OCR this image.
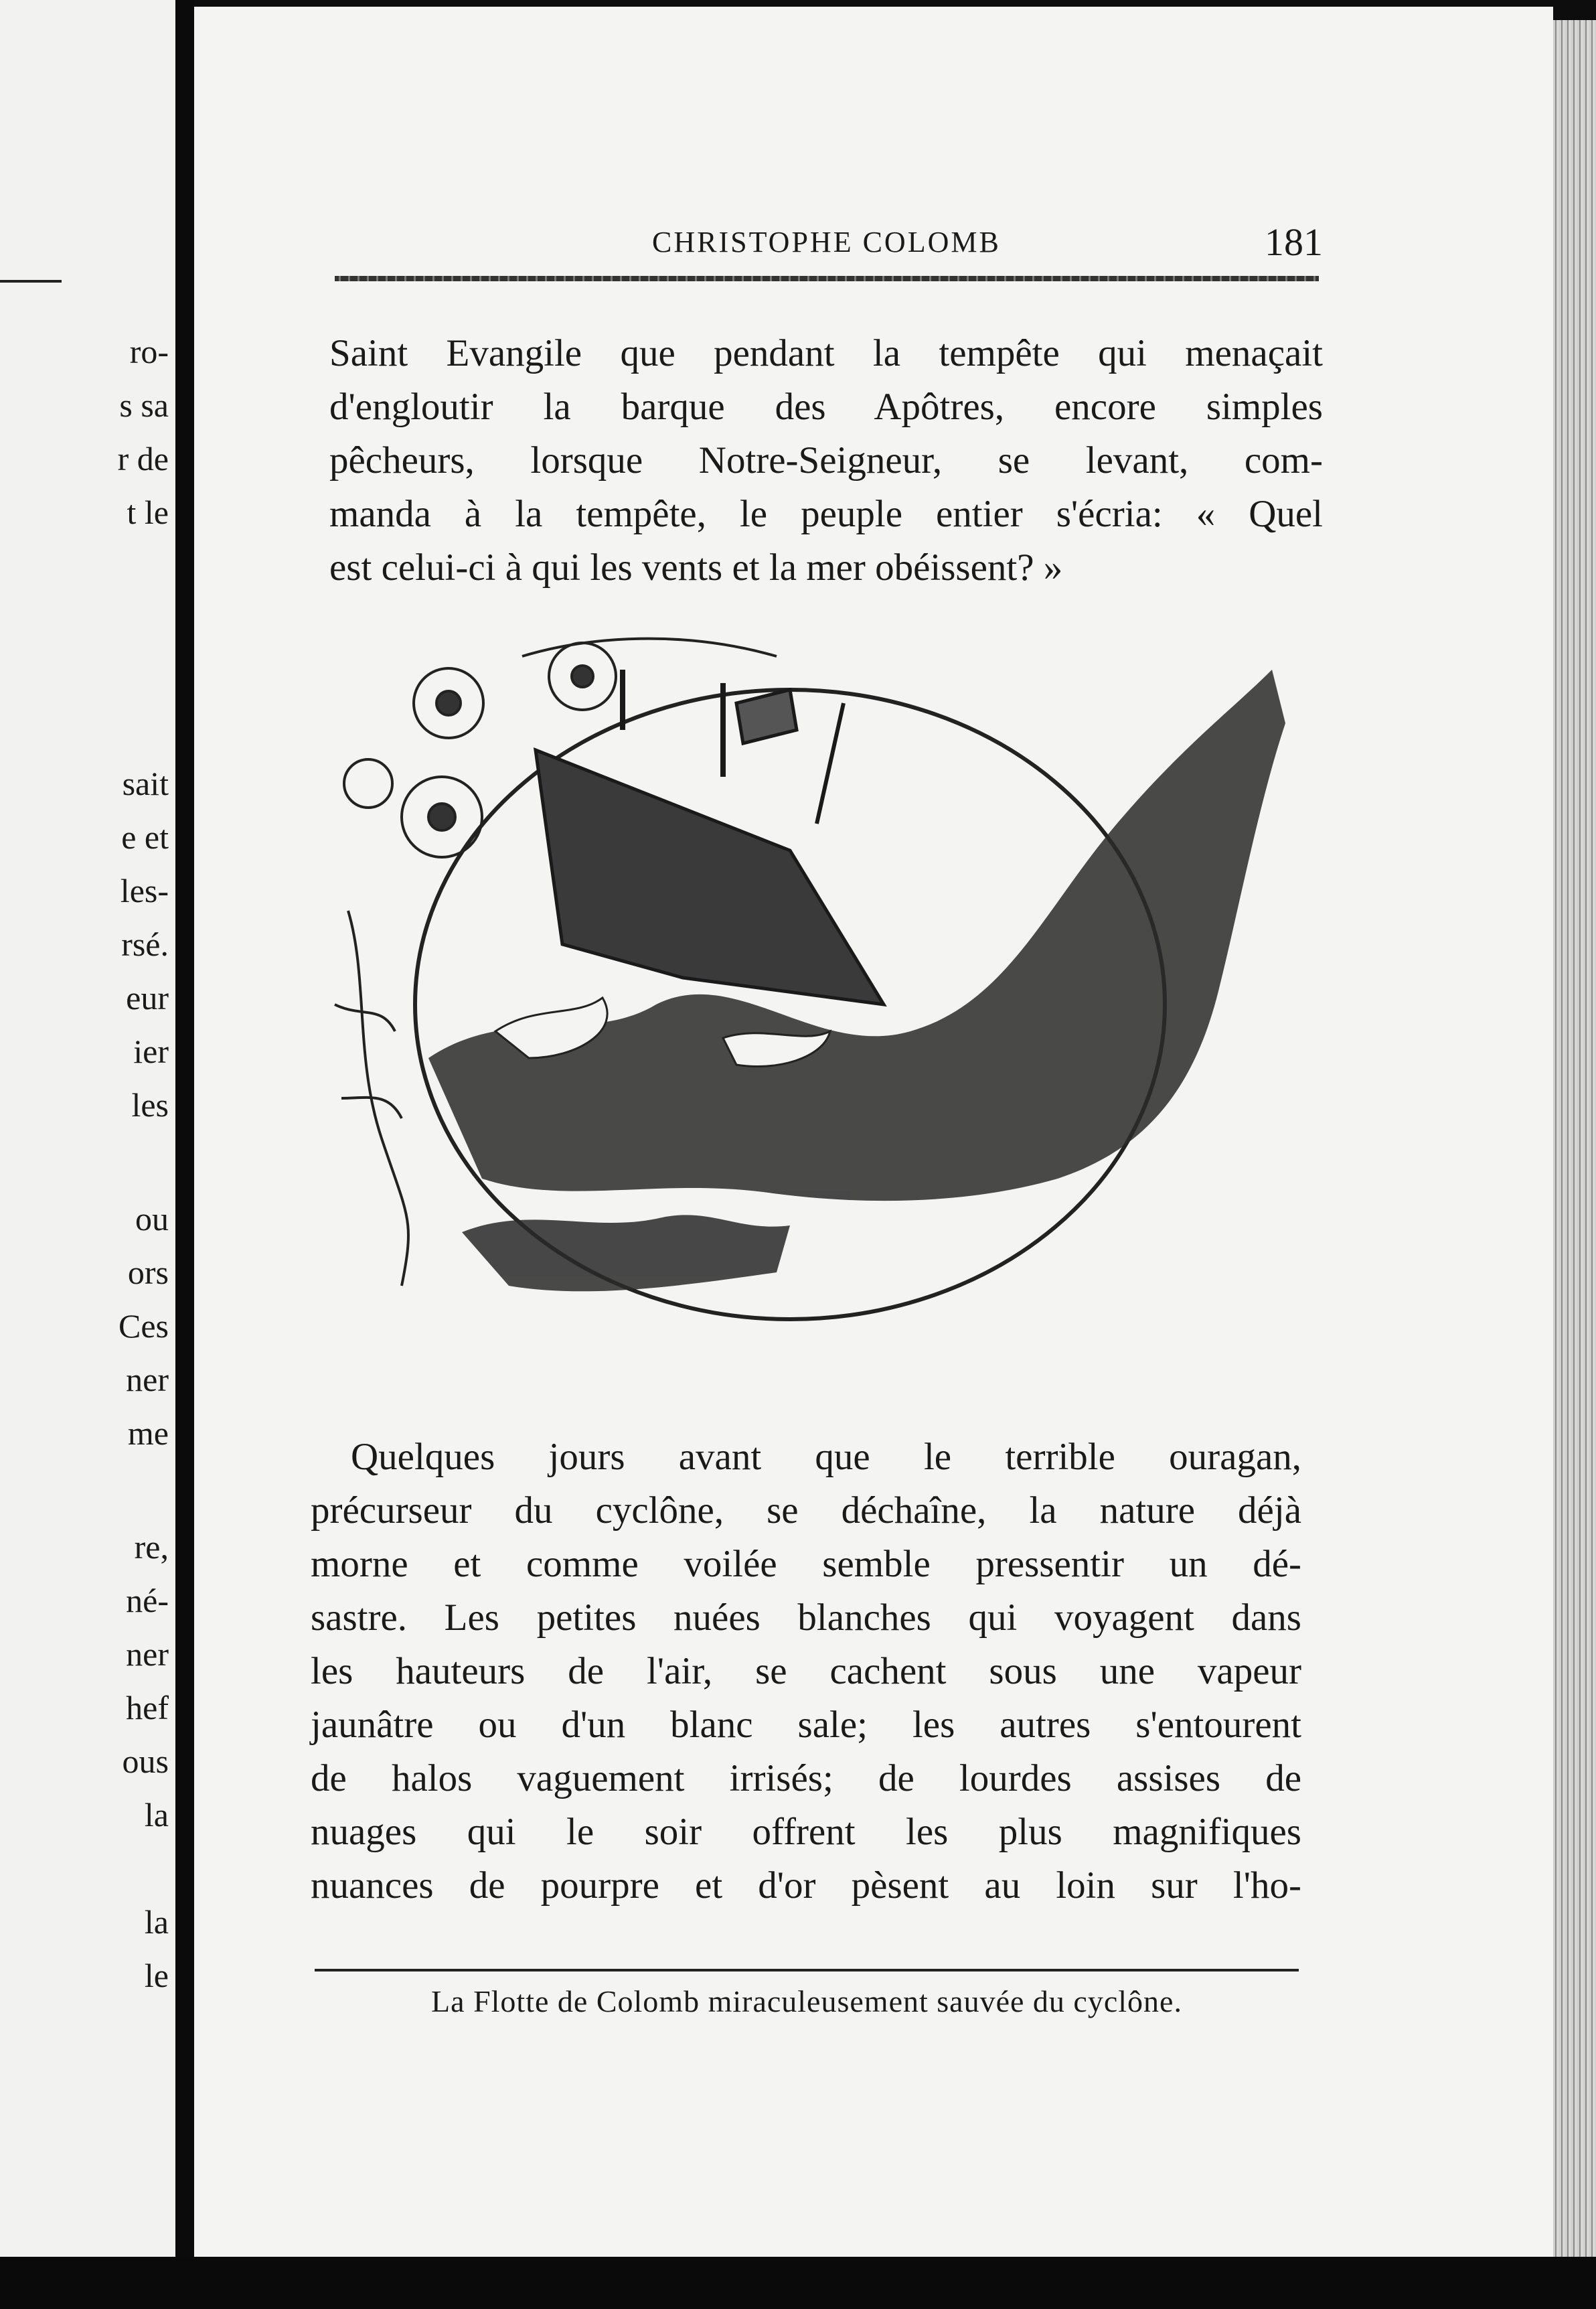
ro-
s sa
r de
t le
sait
e et
les-
rsé.
eur
ier
les
ou
ors
Ces
ner
me
re,
né-
ner
hef
ous
la
la
le
CHRISTOPHE COLOMB	181
Saint Evangile que pendant la tempête qui menaçait
d'engloutir la barque des Apôtres, encore simples
pêcheurs, lorsque Notre-Seigneur, se levant, com-
manda à la tempête, le peuple entier s'écria: « Quel
est celui-ci à qui les vents et la mer obéissent? »
Quelques jours avant que le terrible ouragan,
précurseur du cyclône, se déchaîne, la nature déjà
morne et comme voilée semble pressentir un dé-
sastre. Les petites nuées blanches qui voyagent dans
les hauteurs de l'air, se cachent sous une vapeur
jaunâtre ou d'un blanc sale; les autres s'entourent
de halos vaguement irrisés; de lourdes assises de
nuages qui le soir offrent les plus magnifiques
nuances de pourpre et d'or pèsent au loin sur l'ho-
La Flotte de Colomb miraculeusement sauvée du cyclône.
